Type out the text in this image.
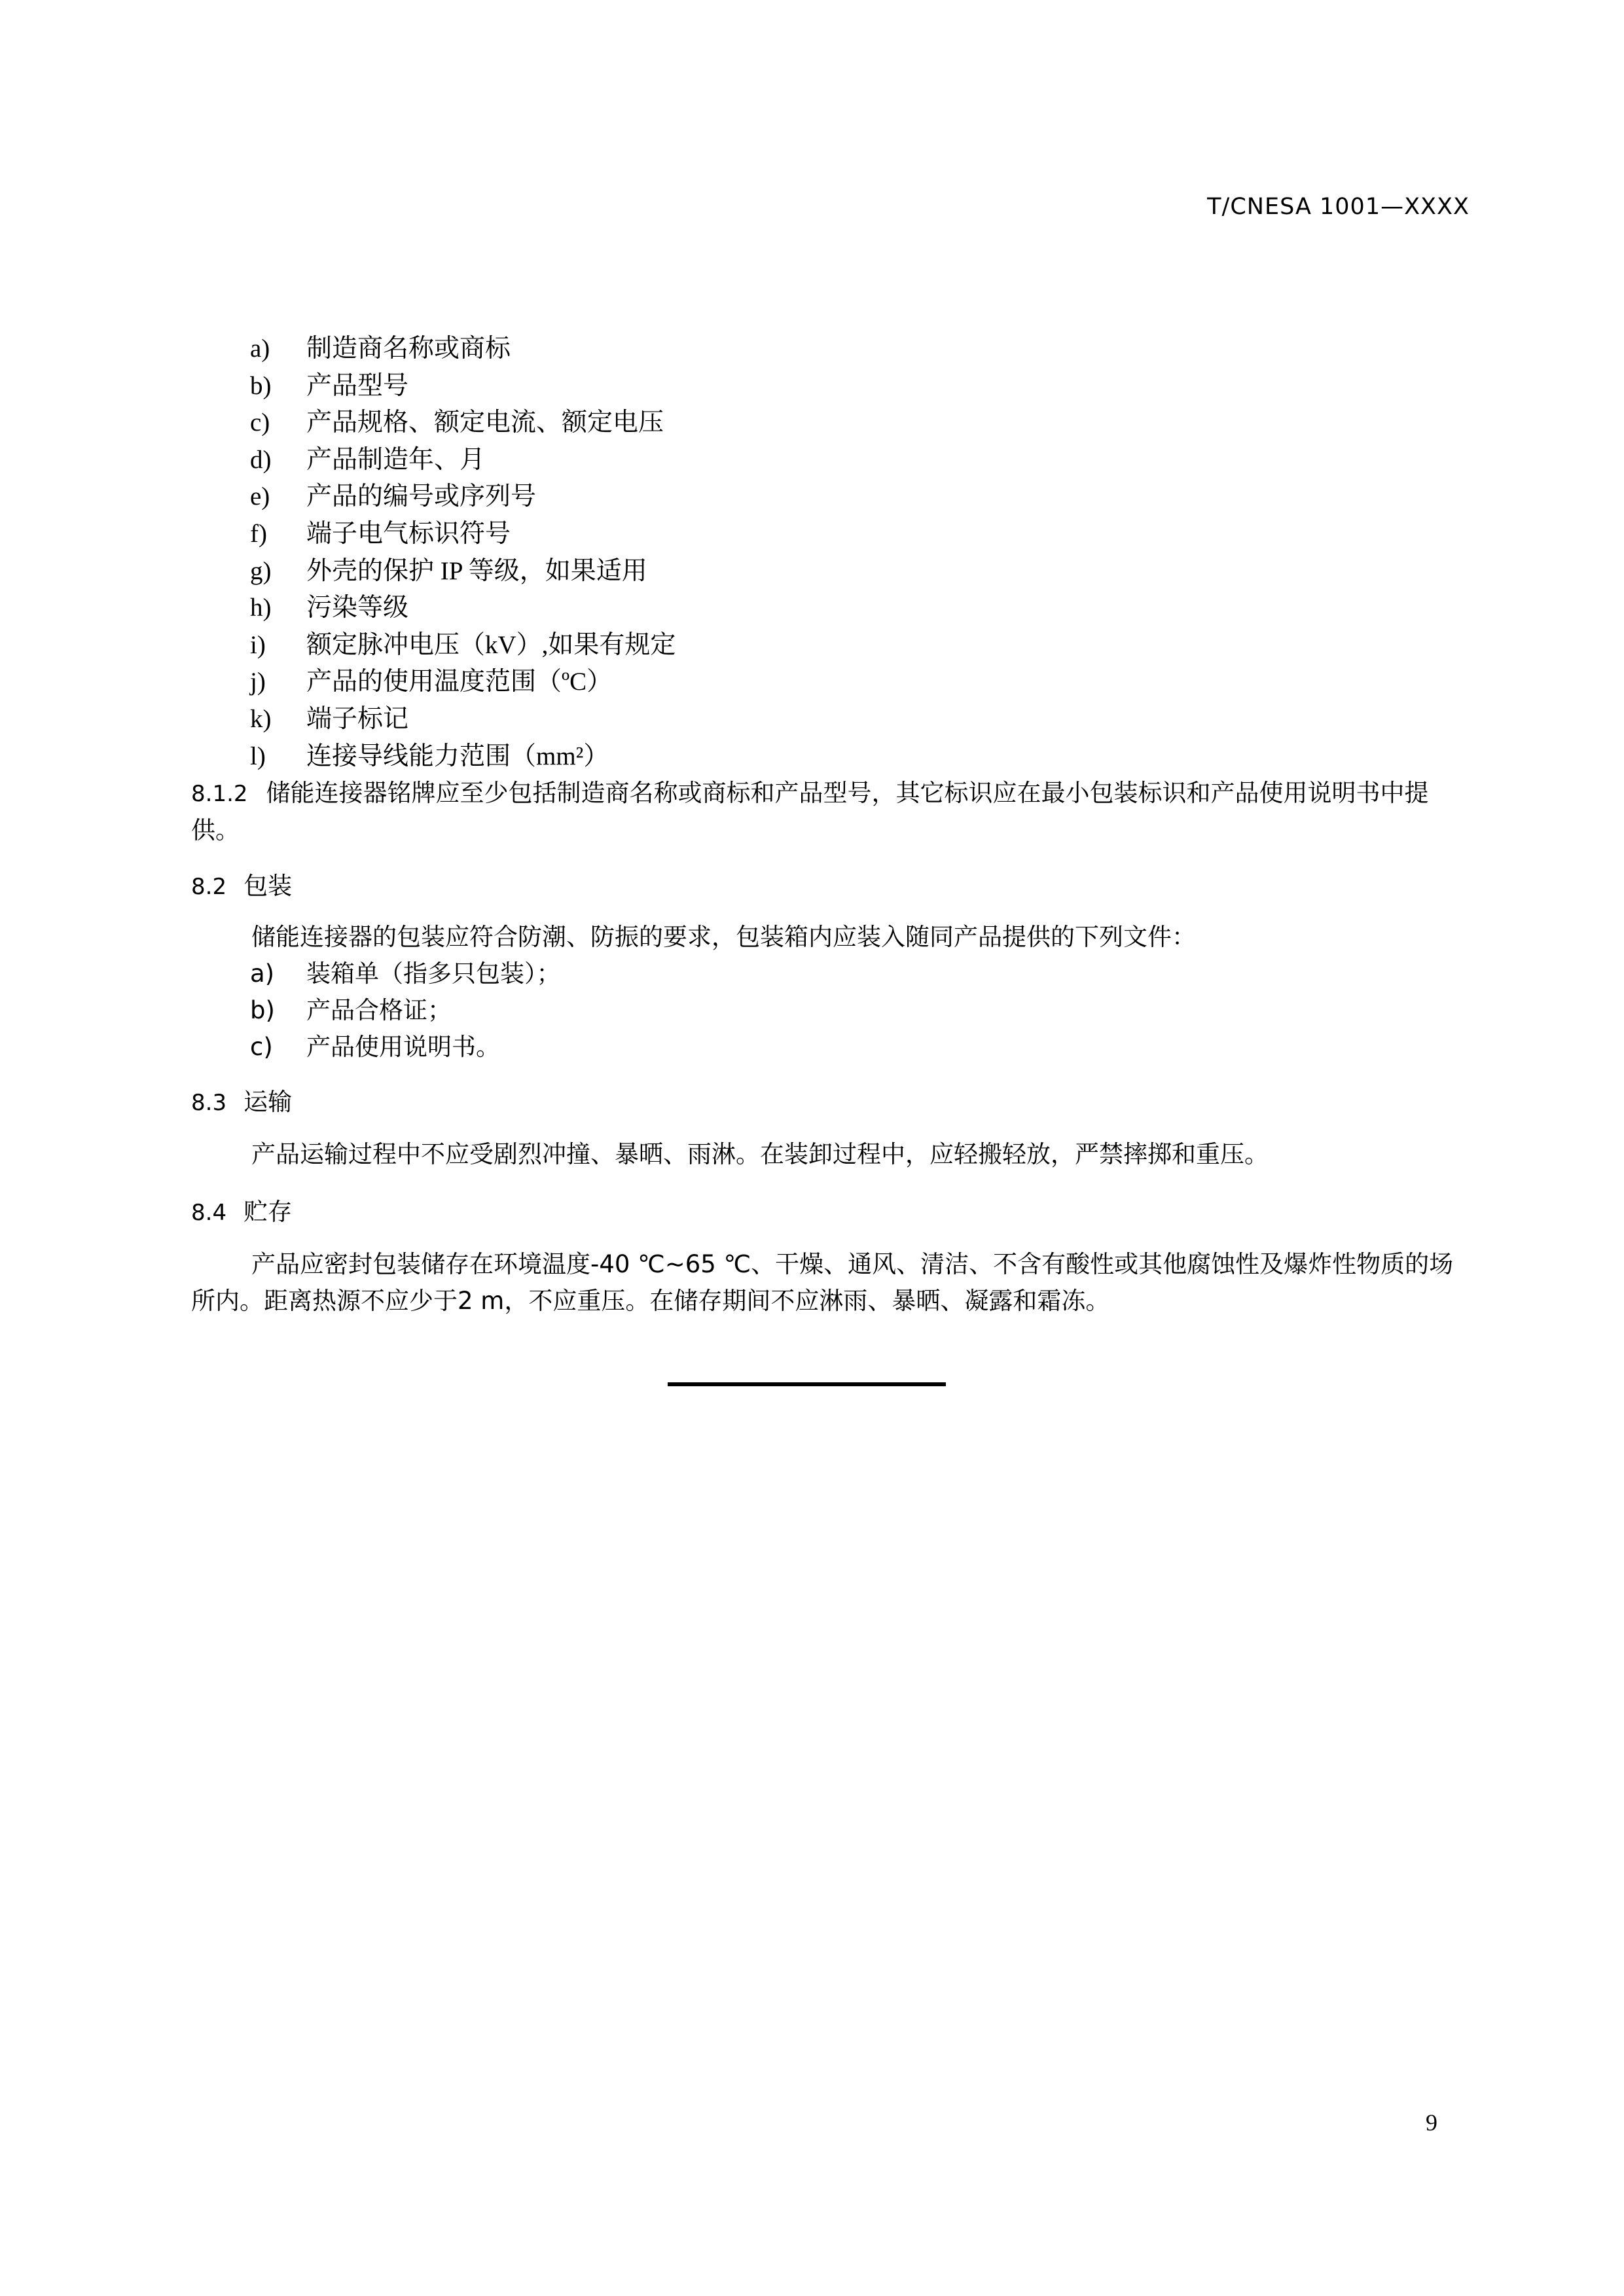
T/CNESA 1001—XXXX
a) 制造商名称或商标
b) 产品型号
c) 产品规格、额定电流、额定电压
d) 产品制造年、月
e) 产品的编号或序列号
f) 端子电气标识符号
g) 外壳的保护 IP 等级，如果适用
h) 污染等级
i) 额定脉冲电压（kV）,如果有规定
j) 产品的使用温度范围（ºC）
k) 端子标记
l) 连接导线能力范围（mm²）
8.1.2 储能连接器铭牌应至少包括制造商名称或商标和产品型号，其它标识应在最小包装标识和产品使用说明书中提供。
8.2 包装
储能连接器的包装应符合防潮、防振的要求，包装箱内应装入随同产品提供的下列文件：
a) 装箱单（指多只包装）；
b) 产品合格证；
c) 产品使用说明书。
8.3 运输
产品运输过程中不应受剧烈冲撞、暴晒、雨淋。在装卸过程中，应轻搬轻放，严禁摔掷和重压。
8.4 贮存
产品应密封包装储存在环境温度-40 ℃~65 ℃、干燥、通风、清洁、不含有酸性或其他腐蚀性及爆炸性物质的场所内。距离热源不应少于2 m，不应重压。在储存期间不应淋雨、暴晒、凝露和霜冻。
9
